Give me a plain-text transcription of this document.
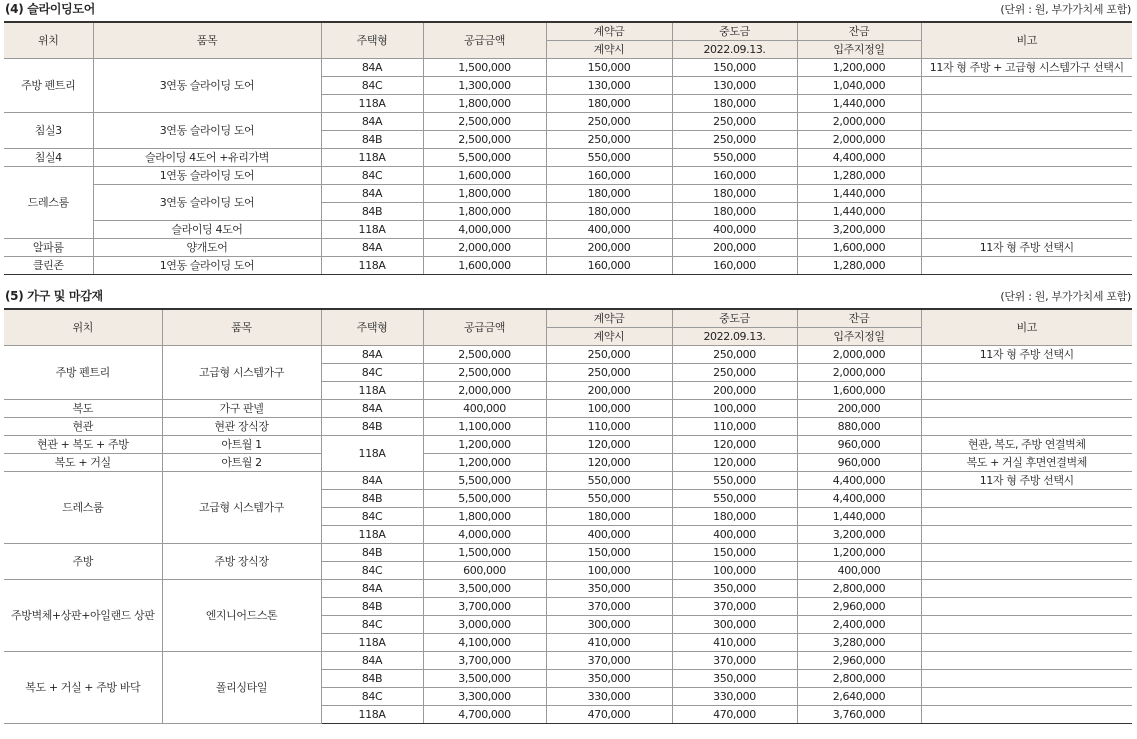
(4) 슬라이딩도어	(단위 : 원, 부가가치세 포함)
위치	품목	주택형	공급금액	계약금	중도금	잔금	비고
				계약시	2022.09.13.	입주지정일	
주방 펜트리	3연동 슬라이딩 도어	84A	1,500,000	150,000	150,000	1,200,000	11자 형 주방 + 고급형 시스템가구 선택시
		84C	1,300,000	130,000	130,000	1,040,000	
		118A	1,800,000	180,000	180,000	1,440,000	
침실3	3연동 슬라이딩 도어	84A	2,500,000	250,000	250,000	2,000,000	
		84B	2,500,000	250,000	250,000	2,000,000	
침실4	슬라이딩 4도어 +유리가벽	118A	5,500,000	550,000	550,000	4,400,000	
드레스룸	1연동 슬라이딩 도어	84C	1,600,000	160,000	160,000	1,280,000	
	3연동 슬라이딩 도어	84A	1,800,000	180,000	180,000	1,440,000	
		84B	1,800,000	180,000	180,000	1,440,000	
	슬라이딩 4도어	118A	4,000,000	400,000	400,000	3,200,000	
알파룸	양개도어	84A	2,000,000	200,000	200,000	1,600,000	11자 형 주방 선택시
클린존	1연동 슬라이딩 도어	118A	1,600,000	160,000	160,000	1,280,000	
(5) 가구 및 마감재	(단위 : 원, 부가가치세 포함)
위치	품목	주택형	공급금액	계약금	중도금	잔금	비고
				계약시	2022.09.13.	입주지정일	
주방 펜트리	고급형 시스템가구	84A	2,500,000	250,000	250,000	2,000,000	11자 형 주방 선택시
		84C	2,500,000	250,000	250,000	2,000,000	
		118A	2,000,000	200,000	200,000	1,600,000	
복도	가구 판넬	84A	400,000	100,000	100,000	200,000	
현관	현관 장식장	84B	1,100,000	110,000	110,000	880,000	
현관 + 복도 + 주방	아트월 1	118A	1,200,000	120,000	120,000	960,000	현관, 복도, 주방 연결벽체
복도 + 거실	아트월 2		1,200,000	120,000	120,000	960,000	복도 + 거실 후면연결벽체
드레스룸	고급형 시스템가구	84A	5,500,000	550,000	550,000	4,400,000	11자 형 주방 선택시
		84B	5,500,000	550,000	550,000	4,400,000	
		84C	1,800,000	180,000	180,000	1,440,000	
		118A	4,000,000	400,000	400,000	3,200,000	
주방	주방 장식장	84B	1,500,000	150,000	150,000	1,200,000	
		84C	600,000	100,000	100,000	400,000	
주방벽체+상판+아일랜드 상판	엔지니어드스톤	84A	3,500,000	350,000	350,000	2,800,000	
		84B	3,700,000	370,000	370,000	2,960,000	
		84C	3,000,000	300,000	300,000	2,400,000	
		118A	4,100,000	410,000	410,000	3,280,000	
복도 + 거실 + 주방 바닥	폴리싱타일	84A	3,700,000	370,000	370,000	2,960,000	
		84B	3,500,000	350,000	350,000	2,800,000	
		84C	3,300,000	330,000	330,000	2,640,000	
		118A	4,700,000	470,000	470,000	3,760,000	
